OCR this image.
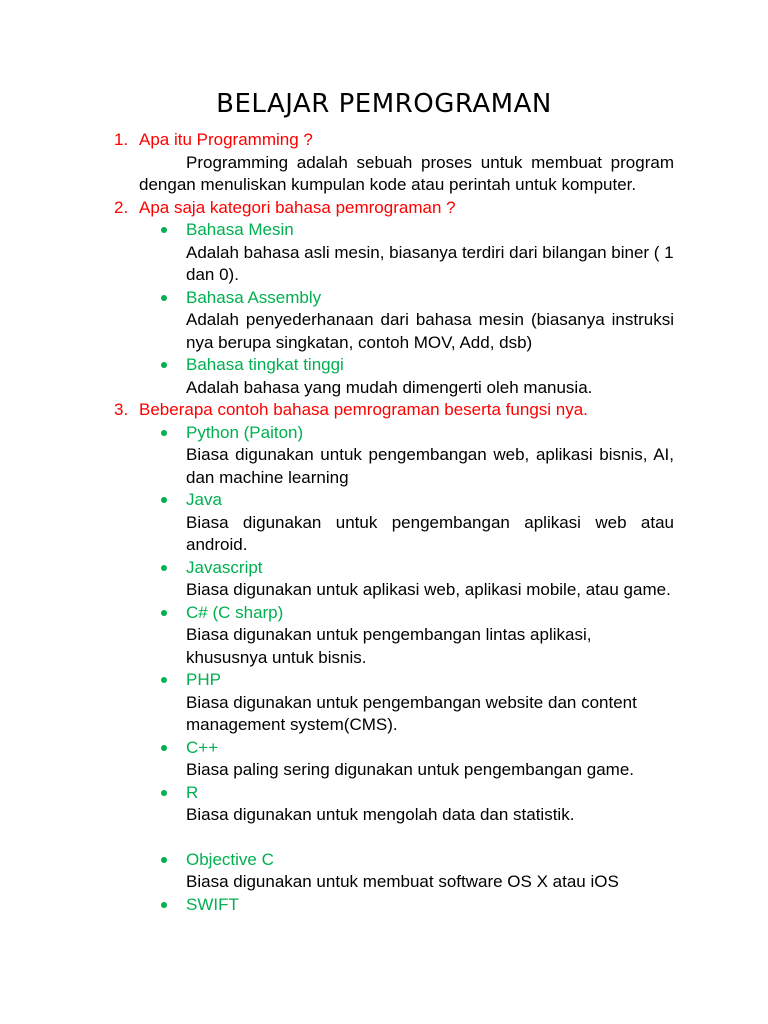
BELAJAR PEMROGRAMAN
1. Apa itu Programming ?
Programming adalah sebuah proses untuk membuat program dengan menuliskan kumpulan kode atau perintah untuk komputer.
2. Apa saja kategori bahasa pemrograman ?
Bahasa Mesin
Adalah bahasa asli mesin, biasanya terdiri dari bilangan biner ( 1 dan 0).
Bahasa Assembly
Adalah penyederhanaan dari bahasa mesin (biasanya instruksi nya berupa singkatan, contoh MOV, Add, dsb)
Bahasa tingkat tinggi
Adalah bahasa yang mudah dimengerti oleh manusia.
3. Beberapa contoh bahasa pemrograman beserta fungsi nya.
Python (Paiton)
Biasa digunakan untuk pengembangan web, aplikasi bisnis, AI, dan machine learning
Java
Biasa digunakan untuk pengembangan aplikasi web atau android.
Javascript
Biasa digunakan untuk aplikasi web, aplikasi mobile, atau game.
C# (C sharp)
Biasa digunakan untuk pengembangan lintas aplikasi, khususnya untuk bisnis.
PHP
Biasa digunakan untuk pengembangan website dan content management system(CMS).
C++
Biasa paling sering digunakan untuk pengembangan game.
R
Biasa digunakan untuk mengolah data dan statistik.
Objective C
Biasa digunakan untuk membuat software OS X atau iOS
SWIFT
